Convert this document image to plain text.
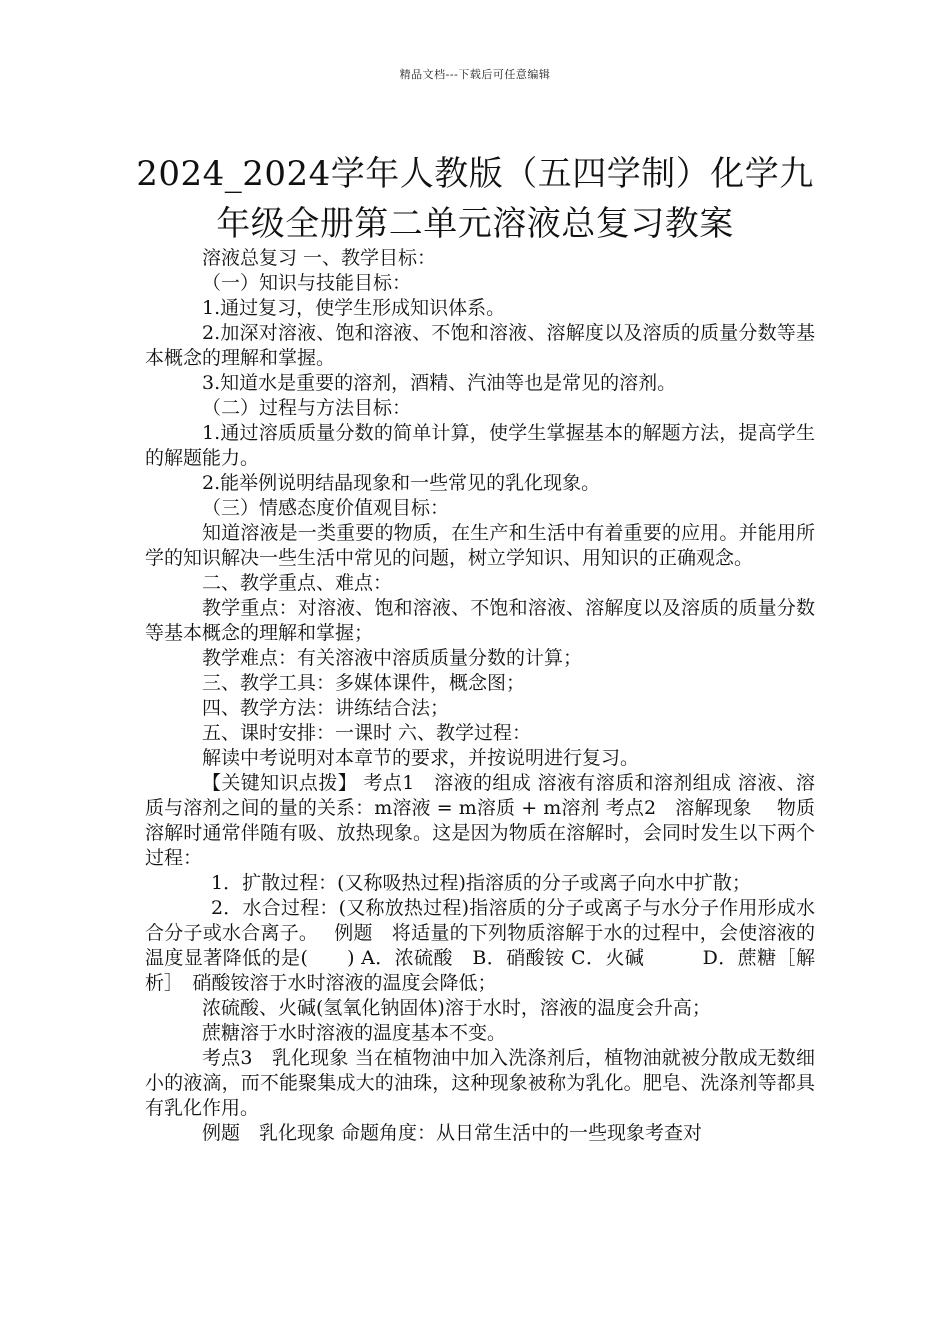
精品文档---下载后可任意编辑
2024_2024学年人教版（五四学制）化学九年级全册第二单元溶液总复习教案

溶液总复习 一、教学目标：

（一）知识与技能目标：

1.通过复习，使学生形成知识体系。

2.加深对溶液、饱和溶液、不饱和溶液、溶解度以及溶质的质量分数等基本概念的理解和掌握。

3.知道水是重要的溶剂，酒精、汽油等也是常见的溶剂。

（二）过程与方法目标：

1.通过溶质质量分数的简单计算，使学生掌握基本的解题方法，提高学生的解题能力。

2.能举例说明结晶现象和一些常见的乳化现象。

（三）情感态度价值观目标：

知道溶液是一类重要的物质，在生产和生活中有着重要的应用。并能用所学的知识解决一些生活中常见的问题，树立学知识、用知识的正确观念。

二、教学重点、难点：

教学重点：对溶液、饱和溶液、不饱和溶液、溶解度以及溶质的质量分数等基本概念的理解和掌握；

教学难点：有关溶液中溶质质量分数的计算；

三、教学工具：多媒体课件，概念图；

四、教学方法：讲练结合法；

五、课时安排：一课时 六、教学过程：

解读中考说明对本章节的要求，并按说明进行复习。

【关键知识点拨】 考点1　溶液的组成 溶液有溶质和溶剂组成 溶液、溶质与溶剂之间的量的关系：m溶液 = m溶质 + m溶剂 考点2　溶解现象　 物质溶解时通常伴随有吸、放热现象。这是因为物质在溶解时，会同时发生以下两个过程：

1．扩散过程：(又称吸热过程)指溶质的分子或离子向水中扩散；

2．水合过程：(又称放热过程)指溶质的分子或离子与水分子作用形成水合分子或水合离子。　 例题　将适量的下列物质溶解于水的过程中，会使溶液的温度显著降低的是(　　) A．浓硫酸　B．硝酸铵 C．火碱　　　D．蔗糖［解析］　硝酸铵溶于水时溶液的温度会降低；

浓硫酸、火碱(氢氧化钠固体)溶于水时，溶液的温度会升高；

蔗糖溶于水时溶液的温度基本不变。

考点3　乳化现象 当在植物油中加入洗涤剂后，植物油就被分散成无数细小的液滴，而不能聚集成大的油珠，这种现象被称为乳化。肥皂、洗涤剂等都具有乳化作用。

例题　乳化现象 命题角度：从日常生活中的一些现象考查对
